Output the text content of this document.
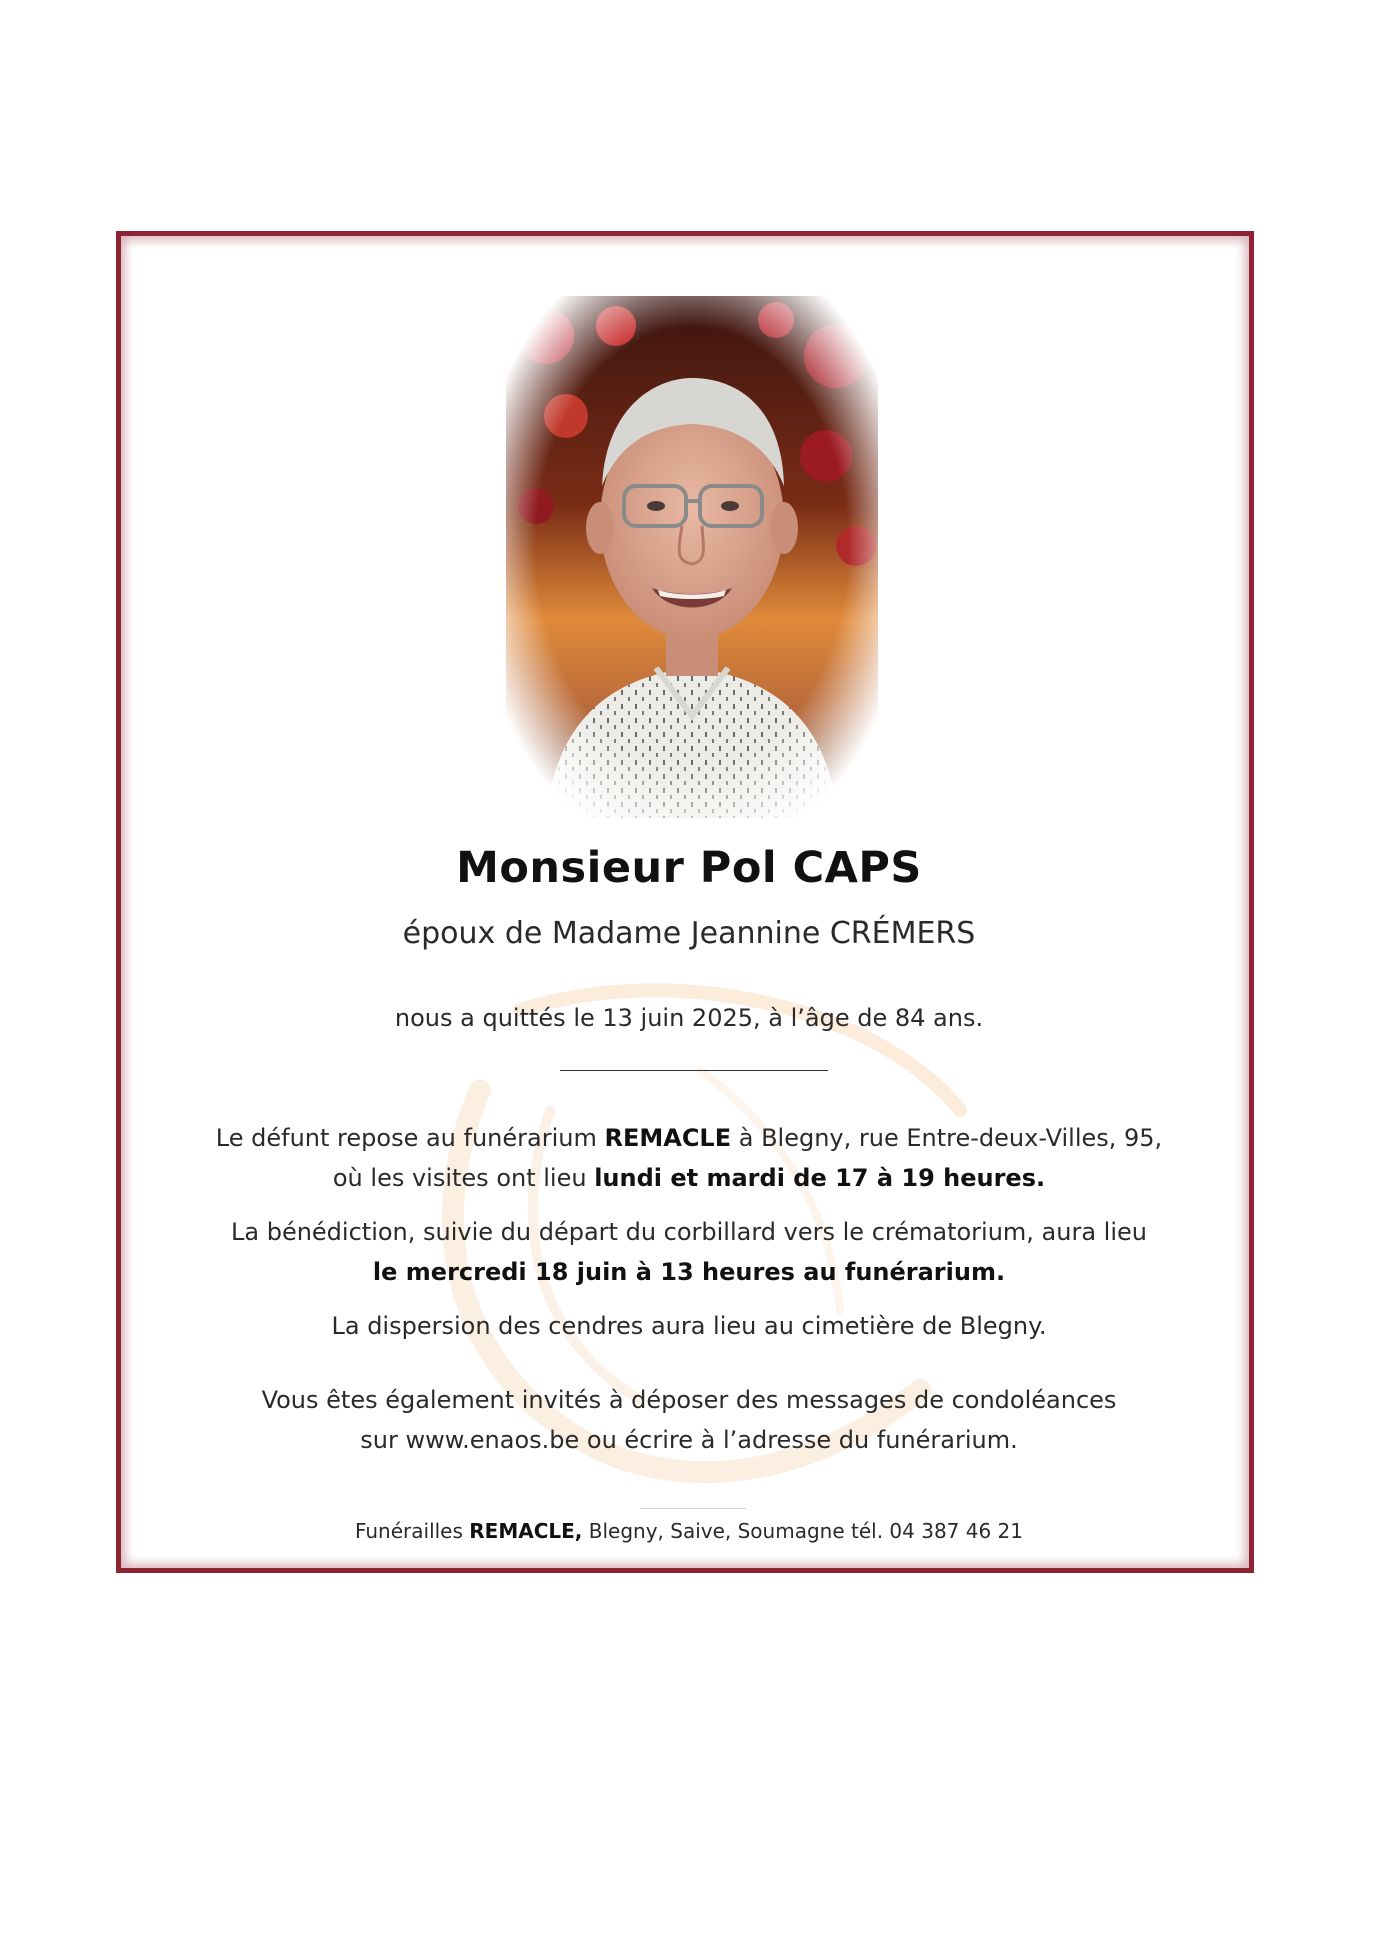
Monsieur Pol CAPS
époux de Madame Jeannine CRÉMERS
nous a quittés le 13 juin 2025, à l’âge de 84 ans.
Le défunt repose au funérarium REMACLE à Blegny, rue Entre-deux-Villes, 95,
où les visites ont lieu lundi et mardi de 17 à 19 heures.
La bénédiction, suivie du départ du corbillard vers le crématorium, aura lieu
le mercredi 18 juin à 13 heures au funérarium.
La dispersion des cendres aura lieu au cimetière de Blegny.
Vous êtes également invités à déposer des messages de condoléances
sur www.enaos.be ou écrire à l’adresse du funérarium.
Funérailles REMACLE, Blegny, Saive, Soumagne tél. 04 387 46 21
